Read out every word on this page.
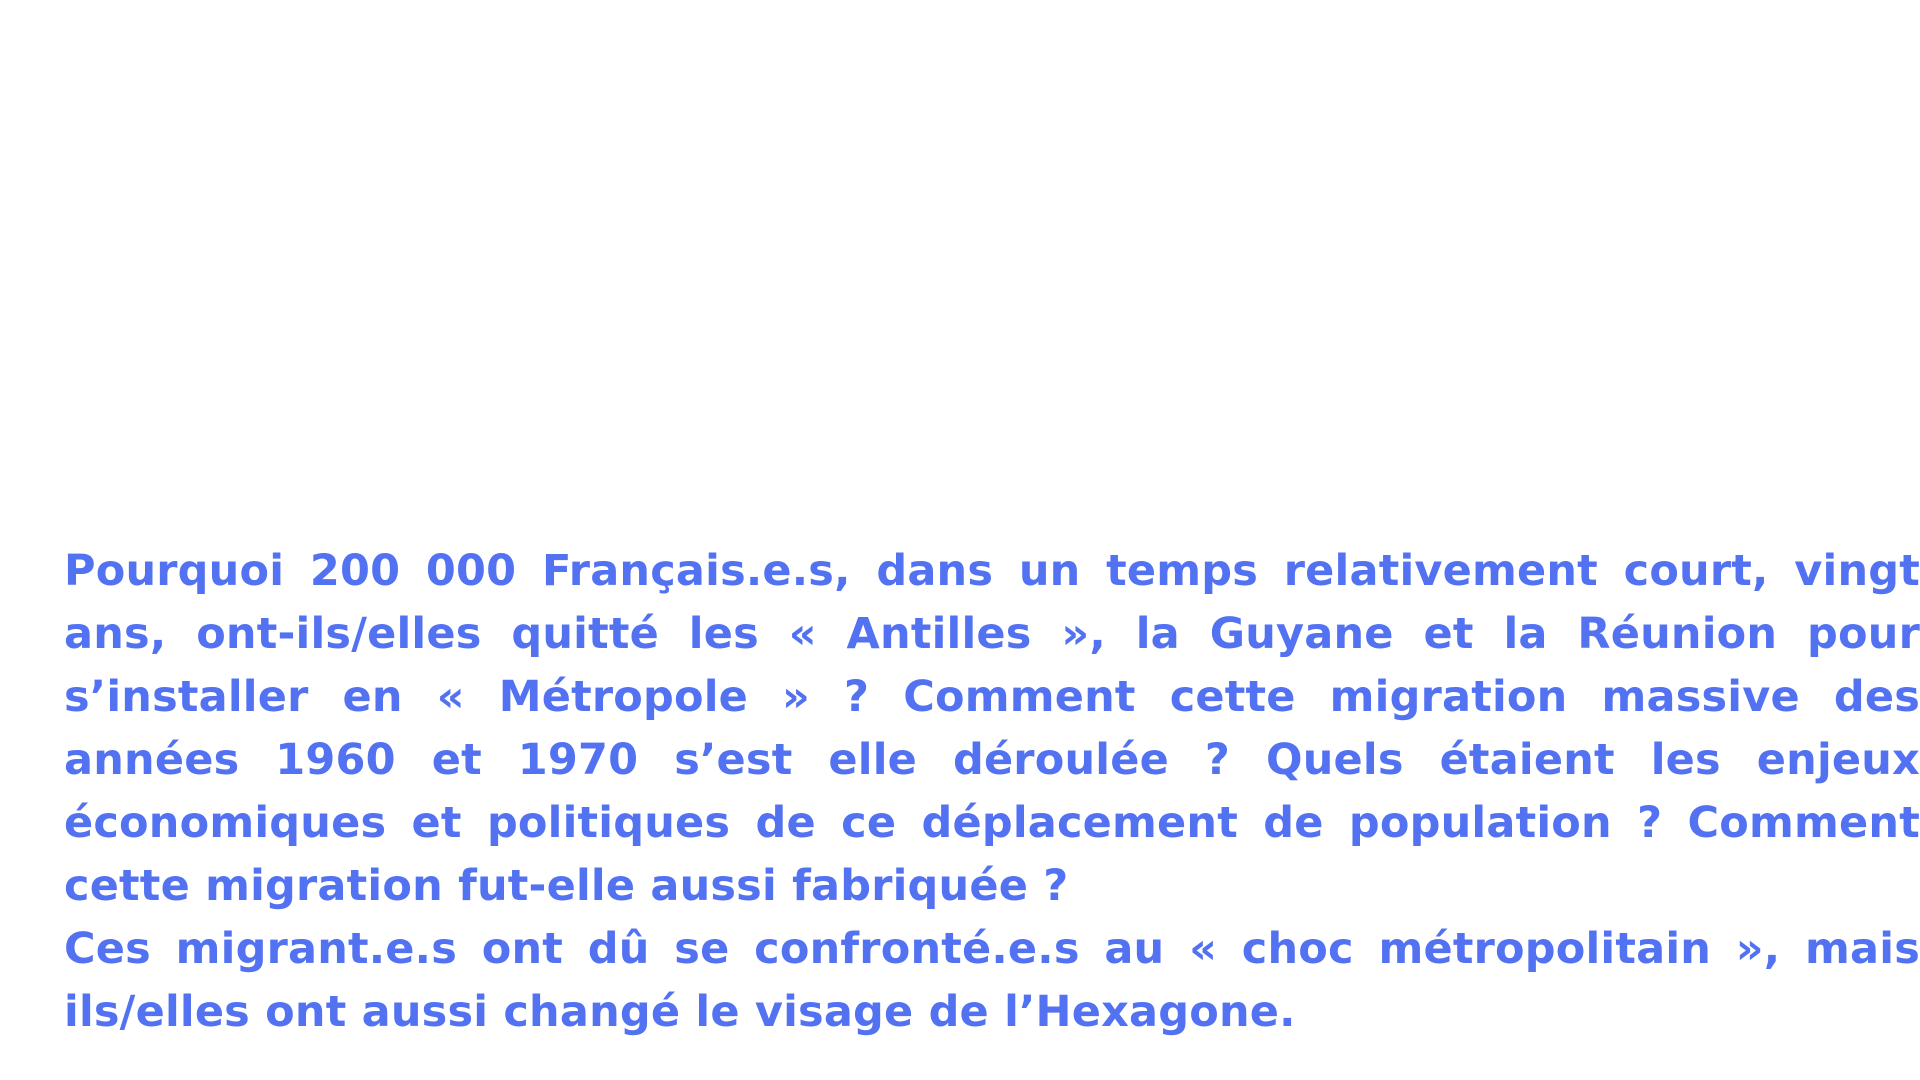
Pourquoi 200 000 Français.e.s, dans un temps relativement court, vingt ans, ont-ils/elles quitté les « Antilles », la Guyane et la Réunion pour s’installer en « Métropole » ? Comment cette migration massive des années 1960 et 1970 s’est elle déroulée ? Quels étaient les enjeux économiques et politiques de ce déplacement de population ? Comment cette migration fut-elle aussi fabriquée ?

Ces migrant.e.s ont dû se confronté.e.s au « choc métropolitain », mais ils/elles ont aussi changé le visage de l’Hexagone.
